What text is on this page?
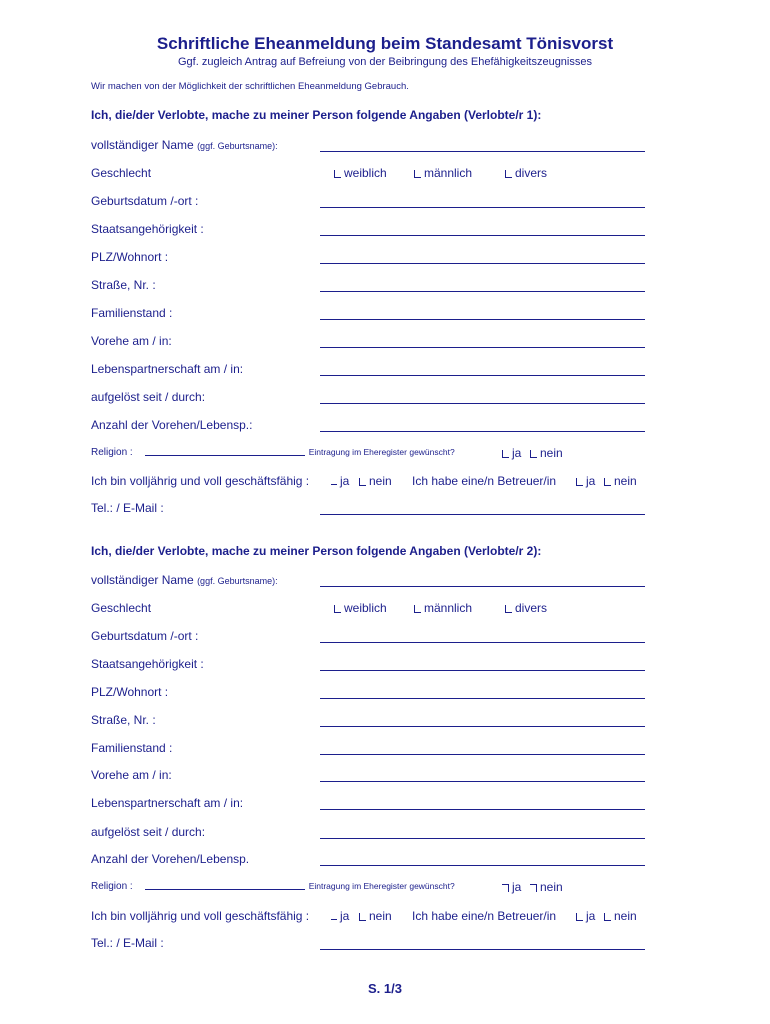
Schriftliche Eheanmeldung beim Standesamt Tönisvorst
Ggf. zugleich Antrag auf Befreiung von der Beibringung des Ehefähigkeitszeugnisses
Wir machen von der Möglichkeit der schriftlichen Eheanmeldung Gebrauch.
Ich, die/der Verlobte, mache zu meiner Person folgende Angaben (Verlobte/r 1):
vollständiger Name (ggf. Geburtsname):
Geschlecht	weiblich	männlich	divers
Geburtsdatum /-ort :
Staatsangehörigkeit :
PLZ/Wohnort :
Straße, Nr. :
Familienstand :
Vorehe am / in:
Lebenspartnerschaft am / in:
aufgelöst seit / durch:
Anzahl der Vorehen/Lebensp.:
Religion :	Eintragung im Eheregister gewünscht?	ja	nein
Ich bin volljährig und voll geschäftsfähig :	ja	nein Ich habe eine/n Betreuer/in	ja	nein
Tel.: / E-Mail :
Ich, die/der Verlobte, mache zu meiner Person folgende Angaben (Verlobte/r 2):
vollständiger Name (ggf. Geburtsname):
Geschlecht	weiblich	männlich	divers
Geburtsdatum /-ort :
Staatsangehörigkeit :
PLZ/Wohnort :
Straße, Nr. :
Familienstand :
Vorehe am / in:
Lebenspartnerschaft am / in:
aufgelöst seit / durch:
Anzahl der Vorehen/Lebensp.
Religion :	Eintragung im Eheregister gewünscht?	ja	nein
Ich bin volljährig und voll geschäftsfähig :	ja	nein Ich habe eine/n Betreuer/in	ja	nein
Tel.: / E-Mail :
S. 1/3
